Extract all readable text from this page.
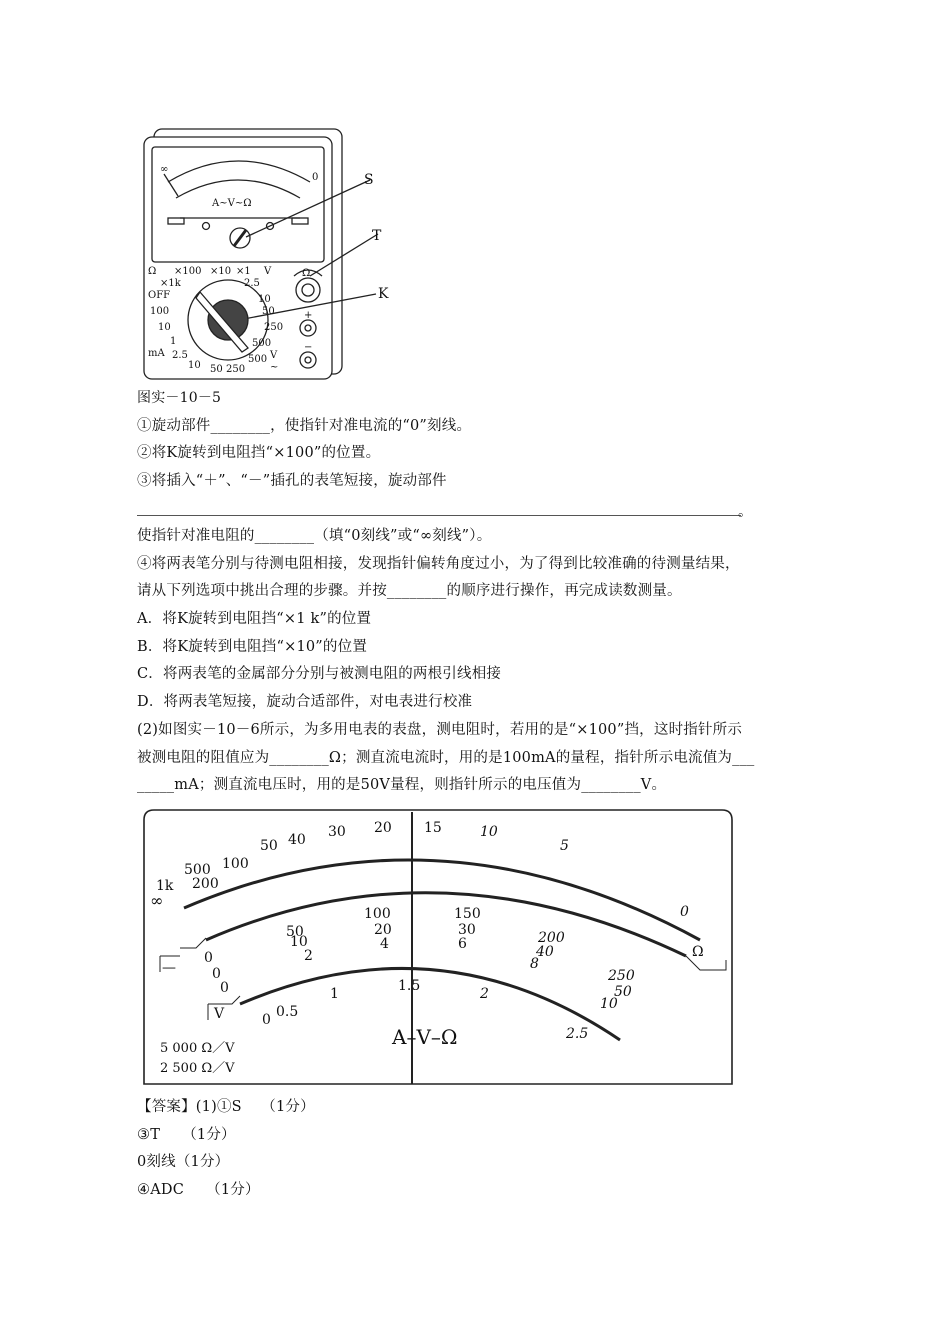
∞
0
A~V~Ω
S
T
K
Ω ×100 ×10 ×1 V
×1k	2.5
OFF	10
100	50
10	250
1	500
2.5
mA
10 50 250
500 V
~
Ω
+
−
图实－10－5
①旋动部件________，使指针对准电流的“0”刻线。
②将K旋转到电阻挡“×100”的位置。
③将插入“＋”、“－”插孔的表笔短接，旋动部件
。
使指针对准电阻的________（填“0刻线”或“∞刻线”）。
④将两表笔分别与待测电阻相接，发现指针偏转角度过小，为了得到比较准确的待测量结果，
请从下列选项中挑出合理的步骤。并按________的顺序进行操作，再完成读数测量。
A．将K旋转到电阻挡“×1 k”的位置
B．将K旋转到电阻挡“×10”的位置
C．将两表笔的金属部分分别与被测电阻的两根引线相接
D．将两表笔短接，旋动合适部件，对电表进行校准
(2)如图实－10－6所示，为多用电表的表盘，测电阻时，若用的是“×100”挡，这时指针所示
被测电阻的阻值应为________Ω；测直流电流时，用的是100mA的量程，指针所示电流值为___
_____mA；测直流电压时，用的是50V量程，则指针所示的电压值为________V。
∞
1k
500
200
100
50 40 30 20 15	10
5
0
0
50
100	150
200
250
0
10
20	30
40
50
0
2
4	6
8
10
0 0.5
1	1.5	2
2.5
Ω
—
V
A–V–Ω
5 000 Ω／V
2 500 Ω／V
【答案】(1)①S　 （1分）
③T　　（1分）
0刻线（1分）
④ADC　　（1分）
